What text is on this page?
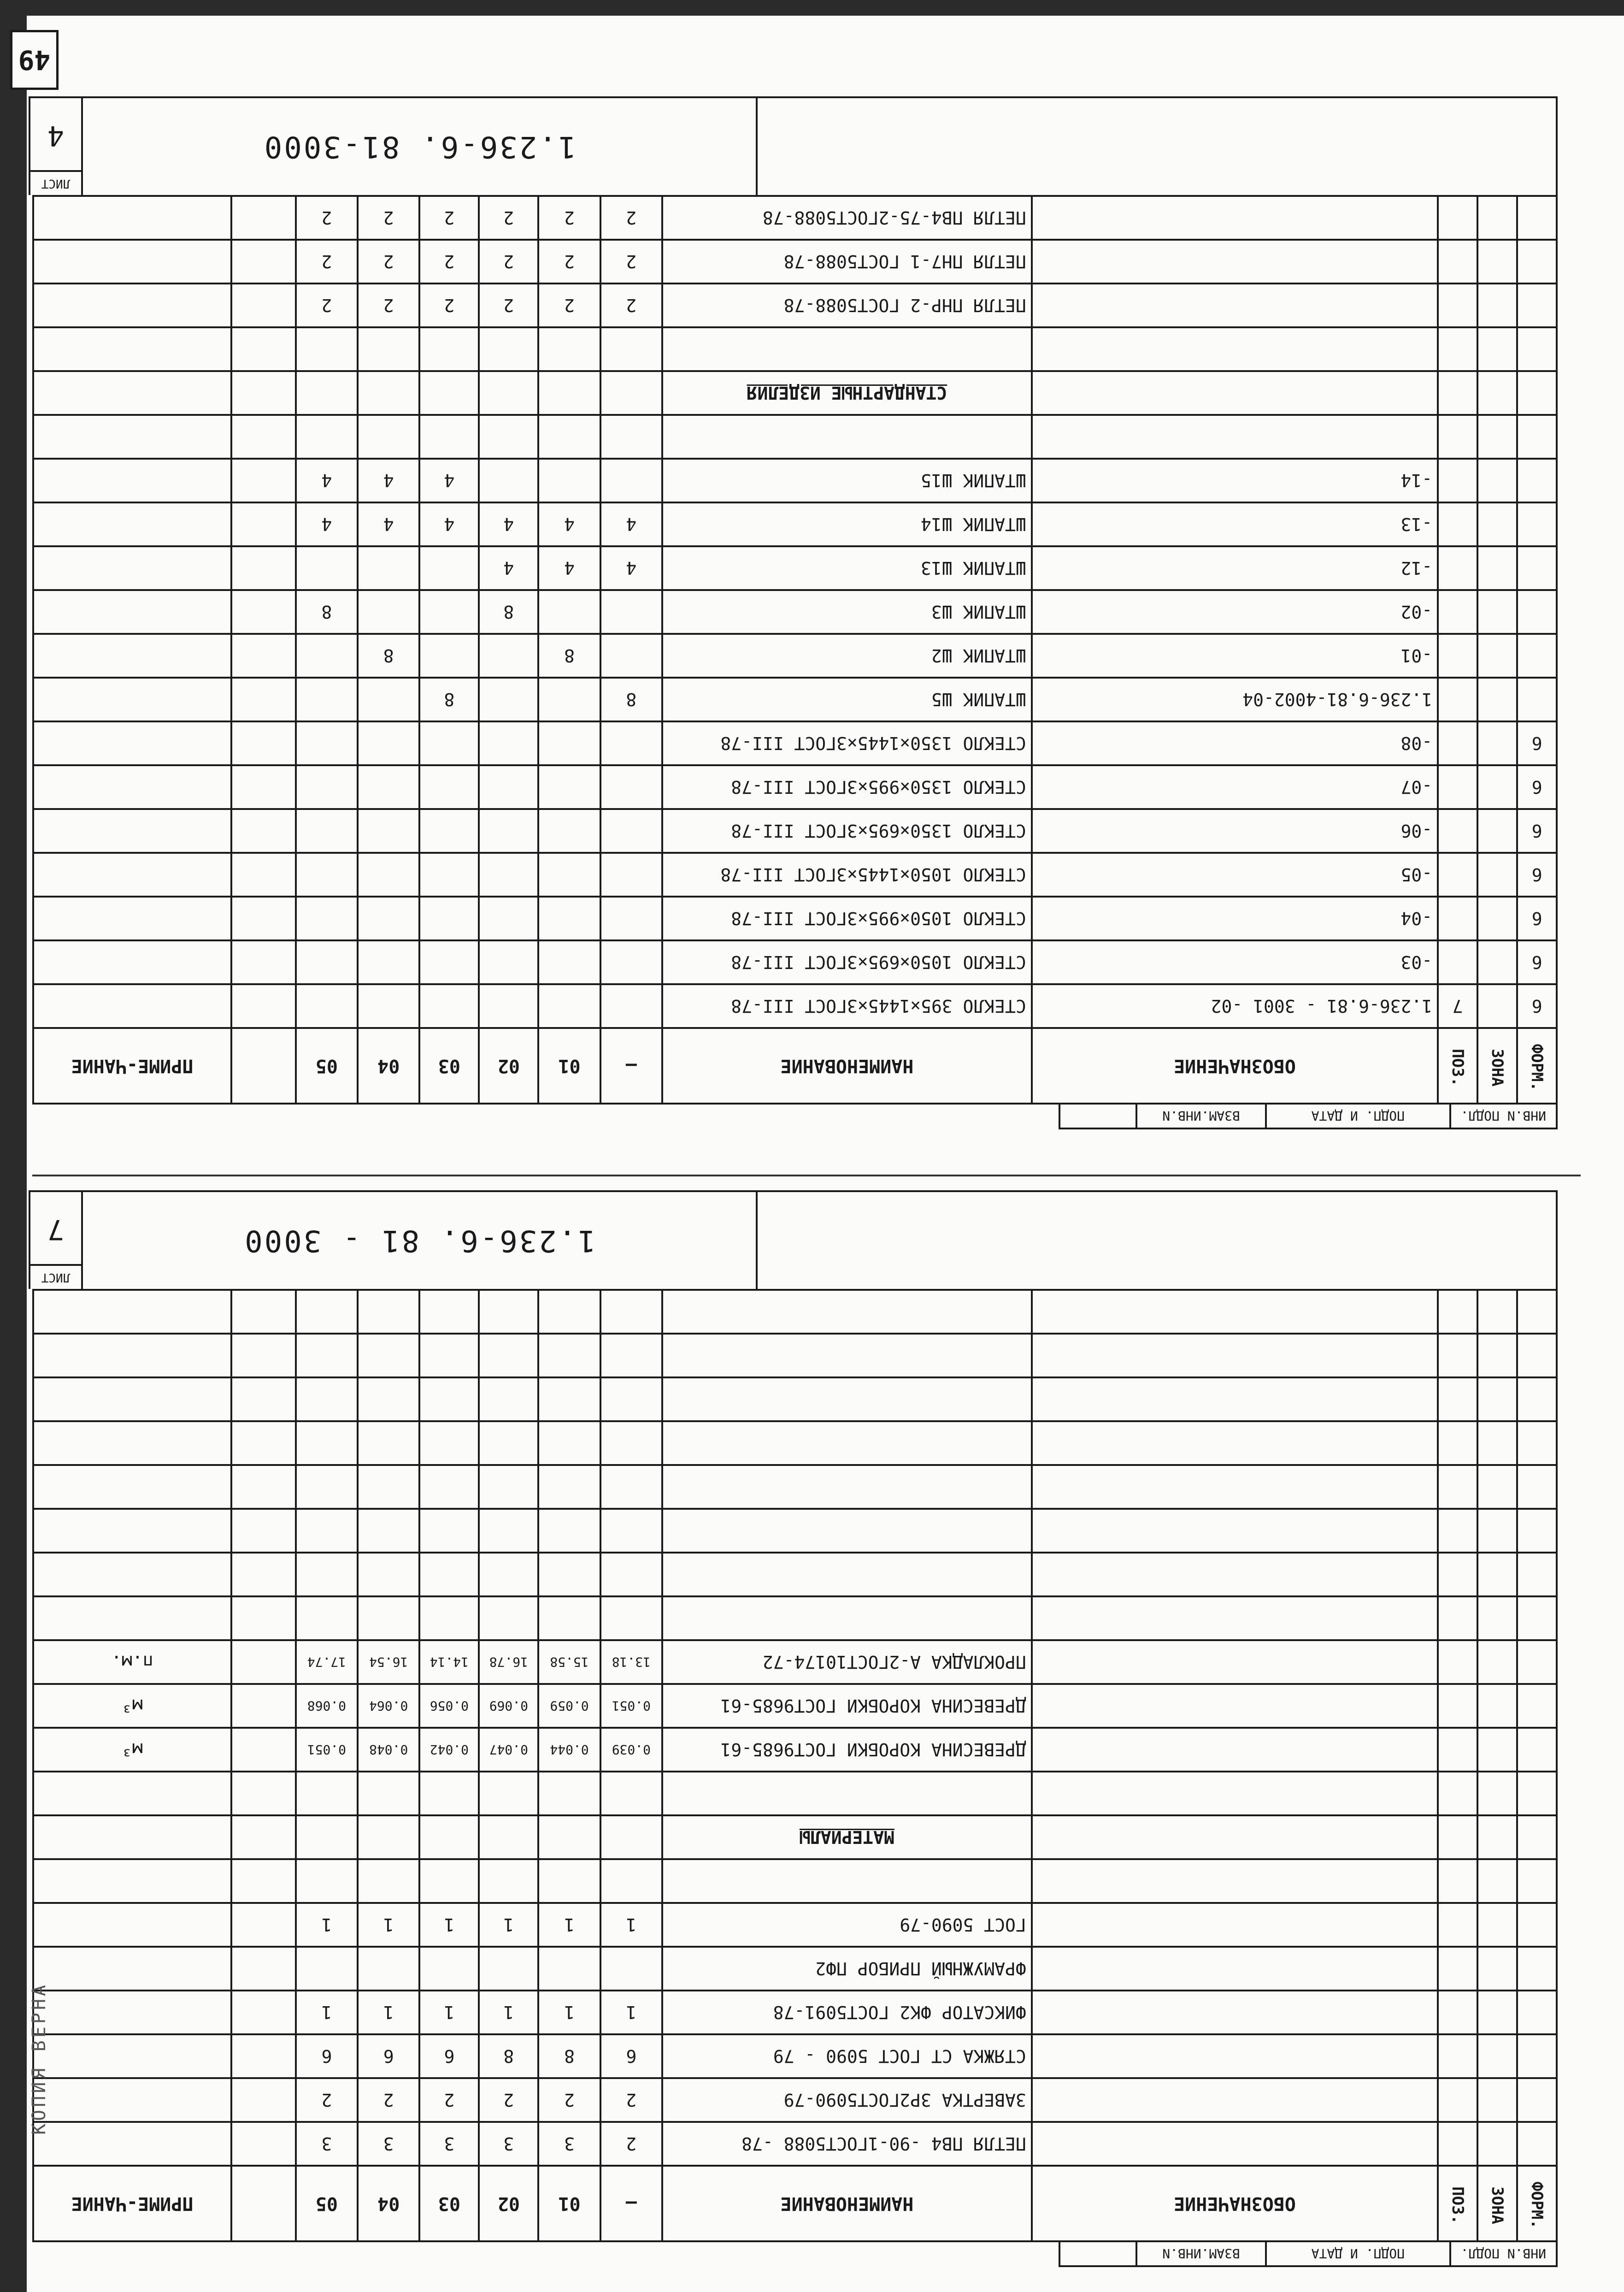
49
ИНВ.N ПОДЛ.
ПОДП. И ДАТА
ВЗАМ.ИНВ.N
ФОРМ.	ЗОНА	ПОЗ.	ОБОЗНАЧЕНИЕ	НАИМЕНОВАНИЕ	—	01	02	03	04	05		ПРИМЕ-ЧАНИЕ
				ПЕТЛЯ ПВ4 -90-1ГОСТ5088 -78	2	3	3	3	3	3		
				ЗАВЕРТКА ЗР2ГОСТ5090-79	2	2	2	2	2	2		
				СТЯЖКА СТ ГОСТ 5090 - 79	6	8	8	6	6	6		
				ФИКСАТОР ФК2 ГОСТ5091-78	1	1	1	1	1	1		
				ФРАМУЖНЫЙ ПРИБОР ПФ2								
				ГОСТ 5090-79	1	1	1	1	1	1		

				МАТЕРИАЛЫ								

				ДРЕВЕСИНА КОРОБКИ ГОСТ9685-61	0.039	0.044	0.047	0.042	0.048	0.051		м³
				ДРЕВЕСИНА КОРОБКИ ГОСТ9685-61	0.051	0.059	0.069	0.056	0.064	0.068		м³
				ПРОКЛАДКА А-2ГОСТ10174-72	13.18	15.58	16.78	14.14	16.54	17.74		п.м.

1.236-6. 81 - 3000
ЛИСТ
7
ИНВ.N ПОДЛ.
ПОДП. И ДАТА
ВЗАМ.ИНВ.N
ФОРМ.	ЗОНА	ПОЗ.	ОБОЗНАЧЕНИЕ	НАИМЕНОВАНИЕ	—	01	02	03	04	05		ПРИМЕ-ЧАНИЕ
6		7	1.236-6.81 - 3001 -02	СТЕКЛО 395×1445×3ГОСТ III-78								
6			-03	СТЕКЛО 1050×695×3ГОСТ III-78								
6			-04	СТЕКЛО 1050×995×3ГОСТ III-78								
6			-05	СТЕКЛО 1050×1445×3ГОСТ III-78								
6			-06	СТЕКЛО 1350×695×3ГОСТ III-78								
6			-07	СТЕКЛО 1350×995×3ГОСТ III-78								
6			-08	СТЕКЛО 1350×1445×3ГОСТ III-78								
			1.236-6.81-4002-04	ШТАПИК Ш5	8			8				
			-01	ШТАПИК Ш2		8			8			
			-02	ШТАПИК Ш3			8			8		
			-12	ШТАПИК Ш13	4	4	4					
			-13	ШТАПИК Ш14	4	4	4	4	4	4		
			-14	ШТАПИК Ш15				4	4	4		

				СТАНДАРТНЫЕ ИЗДЕЛИЯ								

				ПЕТЛЯ ПНР-2 ГОСТ5088-78	2	2	2	2	2	2		
				ПЕТЛЯ ПН7-1 ГОСТ5088-78	2	2	2	2	2	2		
				ПЕТЛЯ ПВ4-75-2ГОСТ5088-78	2	2	2	2	2	2		
1.236-6. 81-3000
ЛИСТ
4
КОПИЯ ВЕРНА
